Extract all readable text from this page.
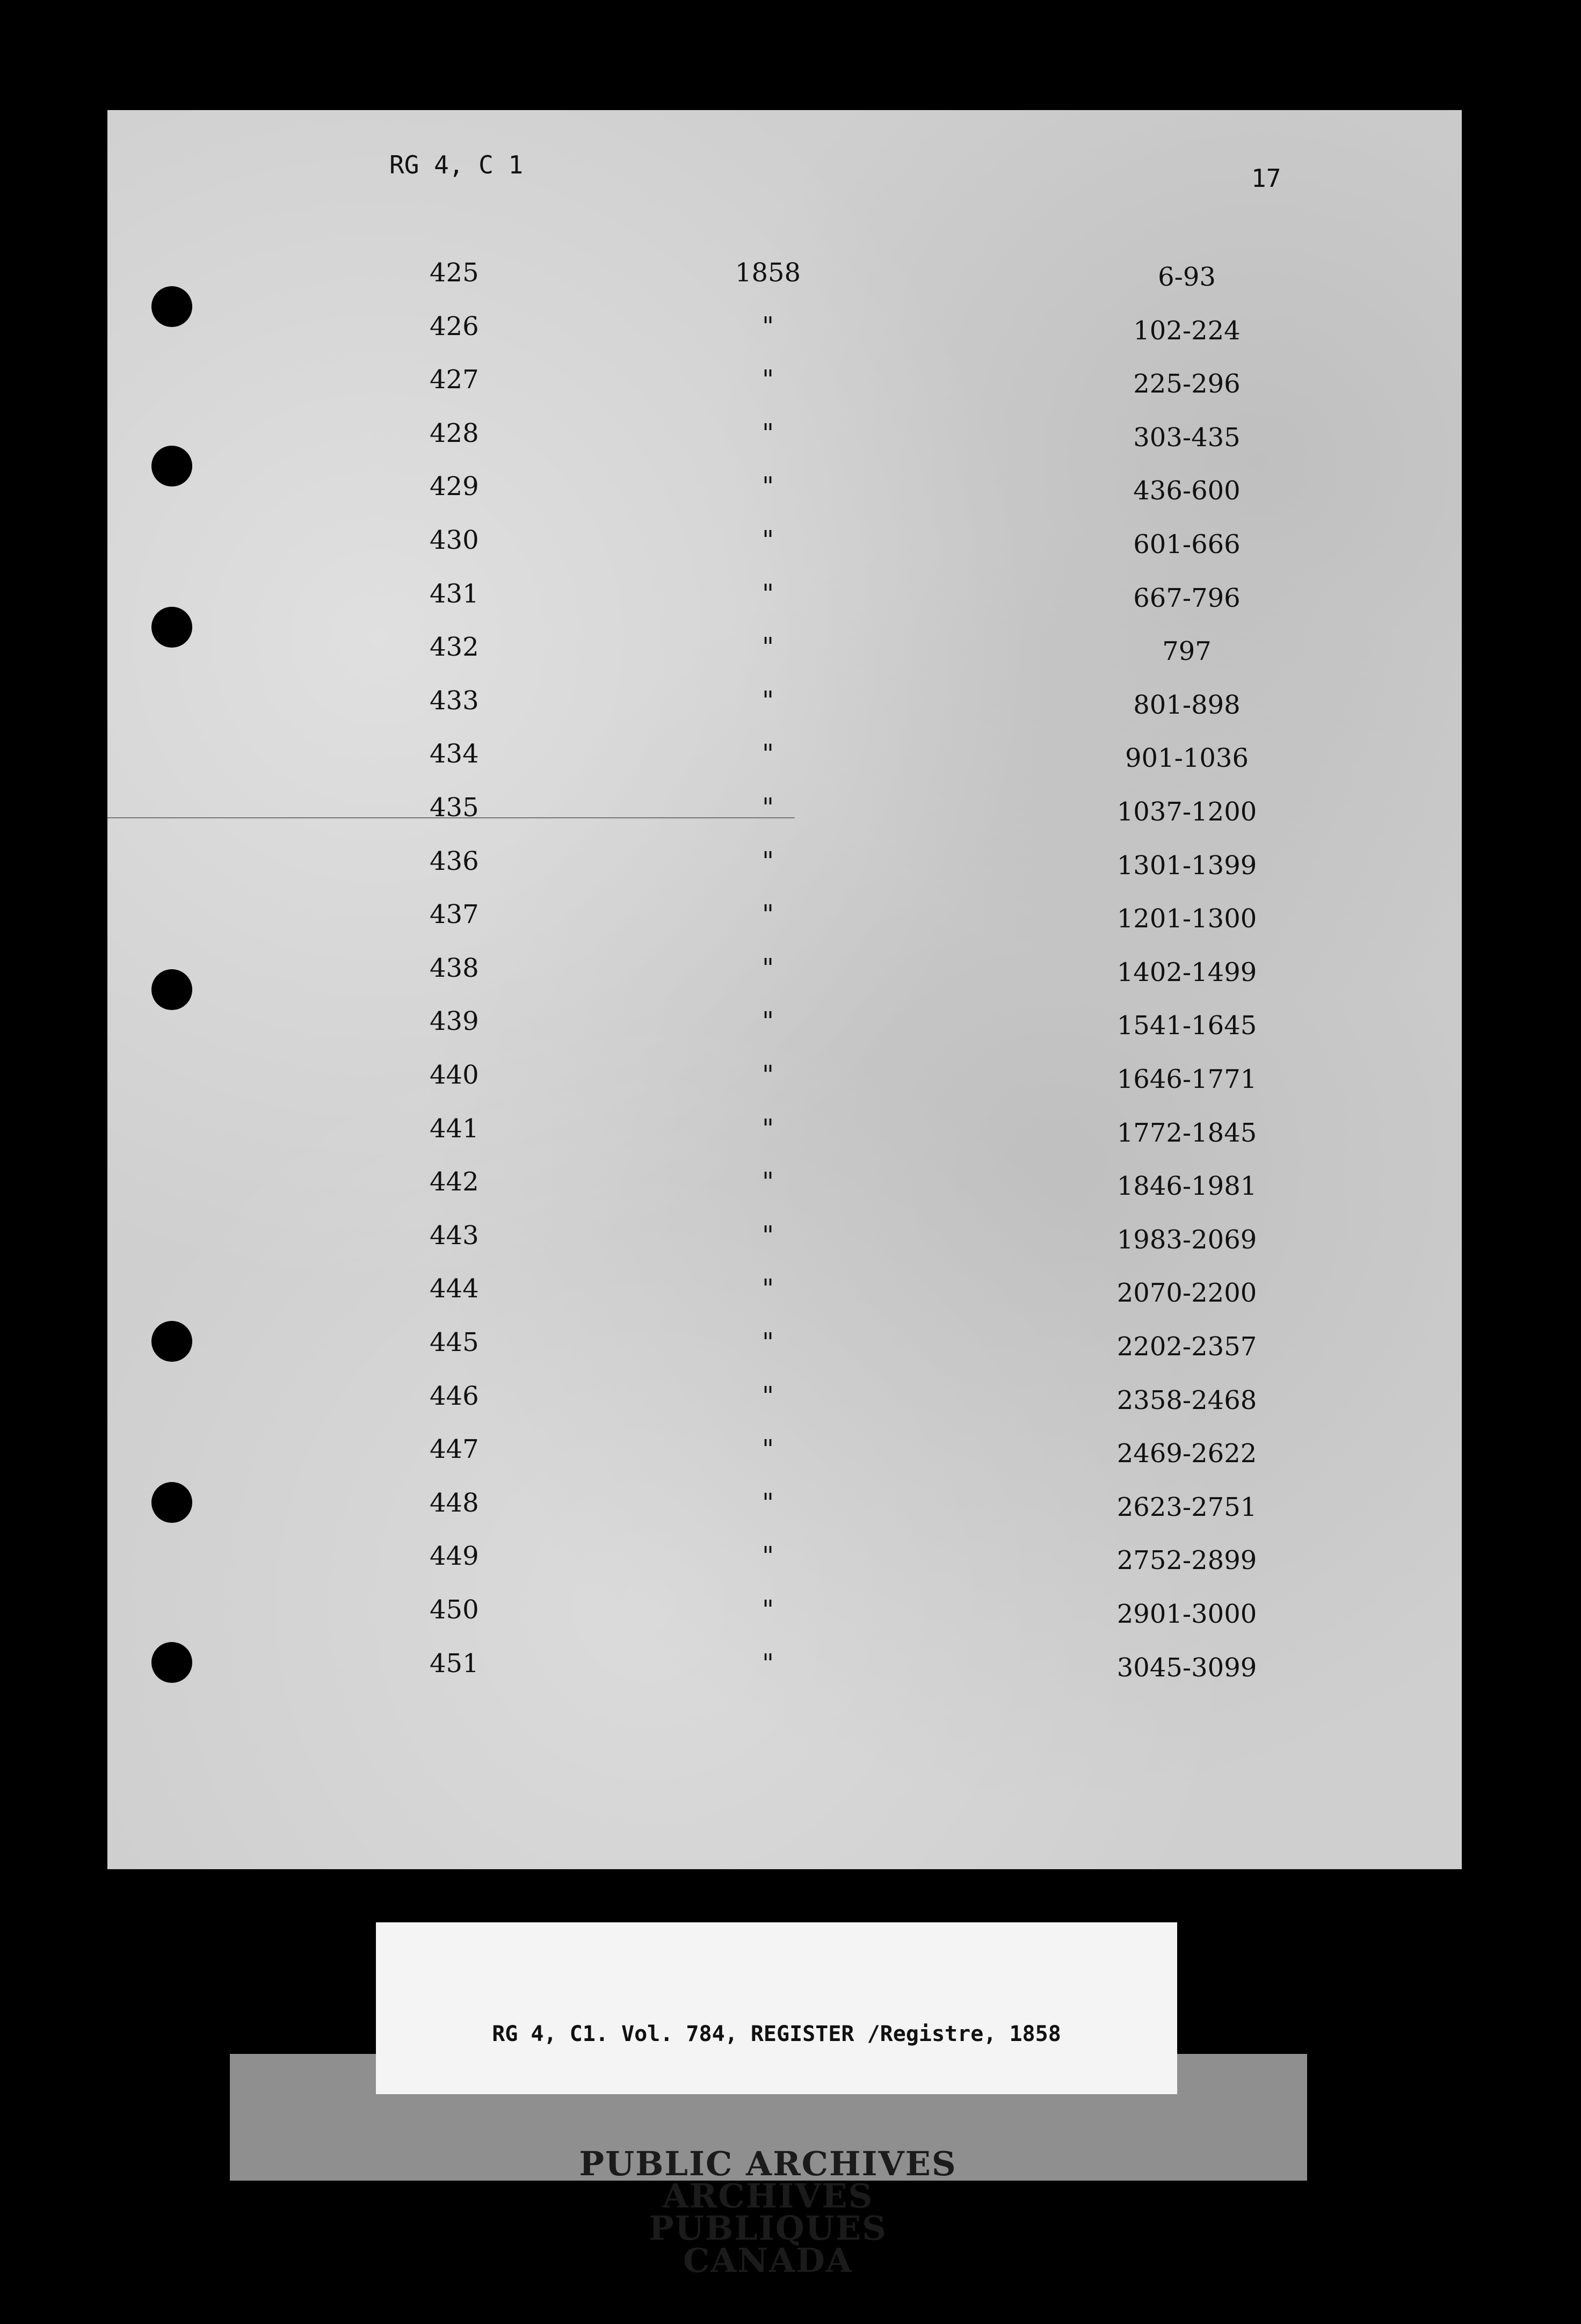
RG 4, C 1	17
425	1858	6-93
426	"	102-224
427	"	225-296
428	"	303-435
429	"	436-600
430	"	601-666
431	"	667-796
432	"	797
433	"	801-898
434	"	901-1036
435	"	1037-1200
436	"	1301-1399
437	"	1201-1300
438	"	1402-1499
439	"	1541-1645
440	"	1646-1771
441	"	1772-1845
442	"	1846-1981
443	"	1983-2069
444	"	2070-2200
445	"	2202-2357
446	"	2358-2468
447	"	2469-2622
448	"	2623-2751
449	"	2752-2899
450	"	2901-3000
451	"	3045-3099
RG 4, C1. Vol. 784, REGISTER /Registre, 1858
PUBLIC ARCHIVES
ARCHIVES PUBLIQUES
CANADA
